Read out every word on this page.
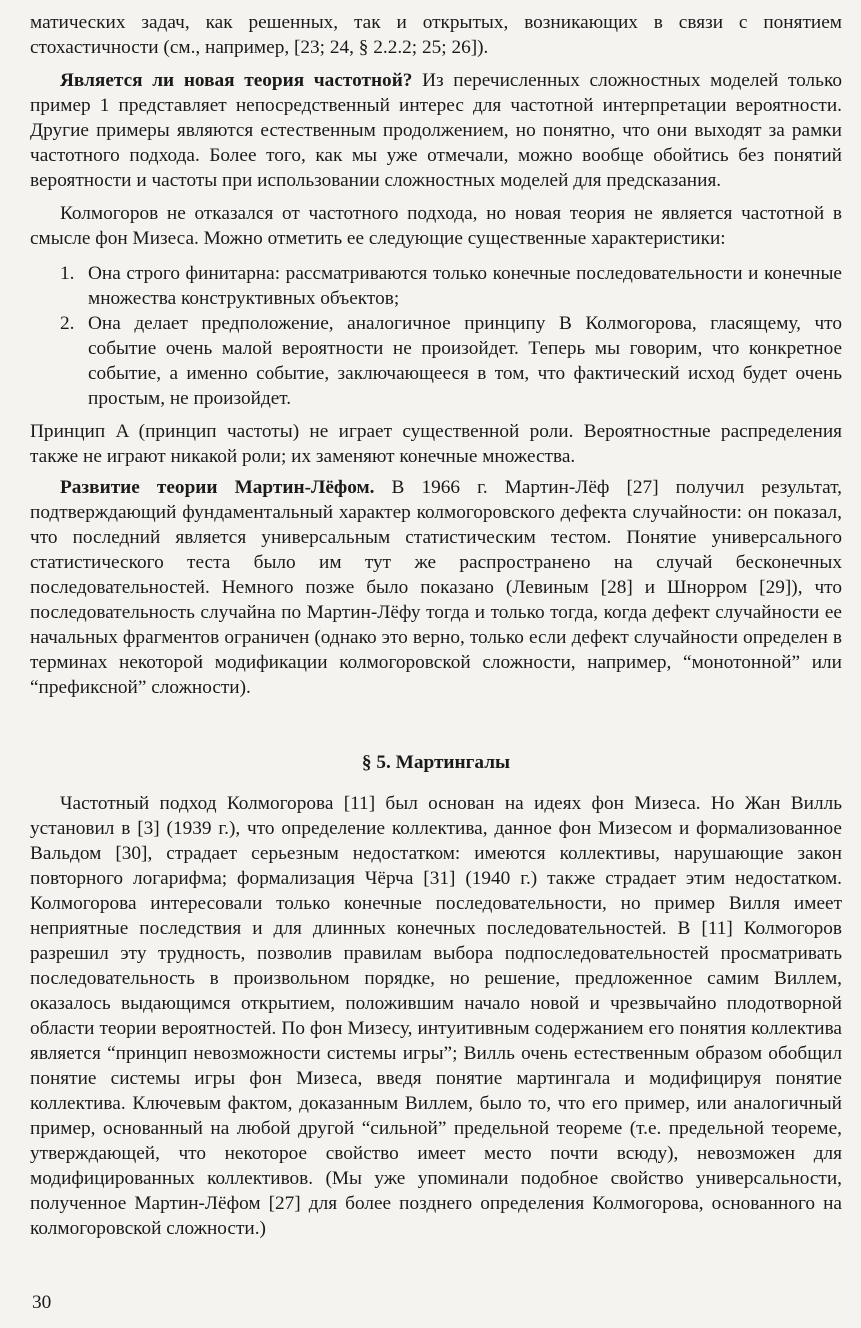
матических задач, как решенных, так и открытых, возникающих в связи с понятием стохастичности (см., например, [23; 24, § 2.2.2; 25; 26]).

Является ли новая теория частотной? Из перечисленных сложностных моделей только пример 1 представляет непосредственный интерес для частотной интерпретации вероятности. Другие примеры являются естественным продолжением, но понятно, что они выходят за рамки частотного подхода. Более того, как мы уже отмечали, можно вообще обойтись без понятий вероятности и частоты при использовании сложностных моделей для предсказания.

Колмогоров не отказался от частотного подхода, но новая теория не является частотной в смысле фон Мизеса. Можно отметить ее следующие существенные характеристики:

1. Она строго финитарна: рассматриваются только конечные последовательности и конечные множества конструктивных объектов;
2. Она делает предположение, аналогичное принципу B Колмогорова, гласящему, что событие очень малой вероятности не произойдет. Теперь мы говорим, что конкретное событие, а именно событие, заключающееся в том, что фактический исход будет очень простым, не произойдет.

Принцип A (принцип частоты) не играет существенной роли. Вероятностные распределения также не играют никакой роли; их заменяют конечные множества.

Развитие теории Мартин-Лёфом. В 1966 г. Мартин-Лёф [27] получил результат, подтверждающий фундаментальный характер колмогоровского дефекта случайности: он показал, что последний является универсальным статистическим тестом. Понятие универсального статистического теста было им тут же распространено на случай бесконечных последовательностей. Немного позже было показано (Левиным [28] и Шнорром [29]), что последовательность случайна по Мартин-Лёфу тогда и только тогда, когда дефект случайности ее начальных фрагментов ограничен (однако это верно, только если дефект случайности определен в терминах некоторой модификации колмогоровской сложности, например, “монотонной” или “префиксной” сложности).

§ 5. Мартингалы

Частотный подход Колмогорова [11] был основан на идеях фон Мизеса. Но Жан Вилль установил в [3] (1939 г.), что определение коллектива, данное фон Мизесом и формализованное Вальдом [30], страдает серьезным недостатком: имеются коллективы, нарушающие закон повторного логарифма; формализация Чёрча [31] (1940 г.) также страдает этим недостатком. Колмогорова интересовали только конечные последовательности, но пример Вилля имеет неприятные последствия и для длинных конечных последовательностей. В [11] Колмогоров разрешил эту трудность, позволив правилам выбора подпоследовательностей просматривать последовательность в произвольном порядке, но решение, предложенное самим Виллем, оказалось выдающимся открытием, положившим начало новой и чрезвычайно плодотворной области теории вероятностей. По фон Мизесу, интуитивным содержанием его понятия коллектива является “принцип невозможности системы игры”; Вилль очень естественным образом обобщил понятие системы игры фон Мизеса, введя понятие мартингала и модифицируя понятие коллектива. Ключевым фактом, доказанным Виллем, было то, что его пример, или аналогичный пример, основанный на любой другой “сильной” предельной теореме (т.е. предельной теореме, утверждающей, что некоторое свойство имеет место почти всюду), невозможен для модифицированных коллективов. (Мы уже упоминали подобное свойство универсальности, полученное Мартин-Лёфом [27] для более позднего определения Колмогорова, основанного на колмогоровской сложности.)

30
